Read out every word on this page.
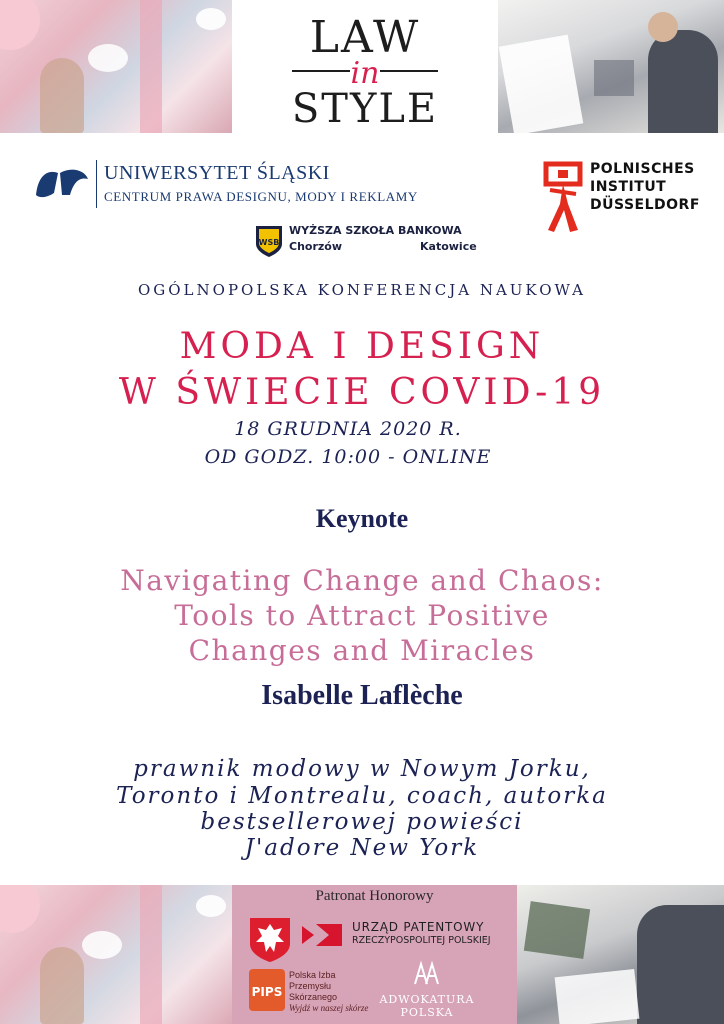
LAW
in
STYLE
UNIWERSYTET ŚLĄSKI
CENTRUM PRAWA DESIGNU, MODY I REKLAMY
POLNISCHES
INSTITUT
DÜSSELDORF
WSB
WYŻSZA SZKOŁA BANKOWA
Chorzów	Katowice
OGÓLNOPOLSKA KONFERENCJA NAUKOWA
MODA I DESIGN
W ŚWIECIE COVID-19
18 GRUDNIA 2020 R.
OD GODZ. 10:00 - ONLINE
Keynote
Navigating Change and Chaos:
Tools to Attract Positive
Changes and Miracles
Isabelle Laflèche
prawnik modowy w Nowym Jorku,
Toronto i Montrealu, coach, autorka
bestsellerowej powieści
J'adore New York
Patronat Honorowy
URZĄD PATENTOWY
RZECZYPOSPOLITEJ POLSKIEJ
PIPS
Polska Izba
Przemysłu
Skórzanego
Wyjdź w naszej skórze
ADWOKATURA
POLSKA
